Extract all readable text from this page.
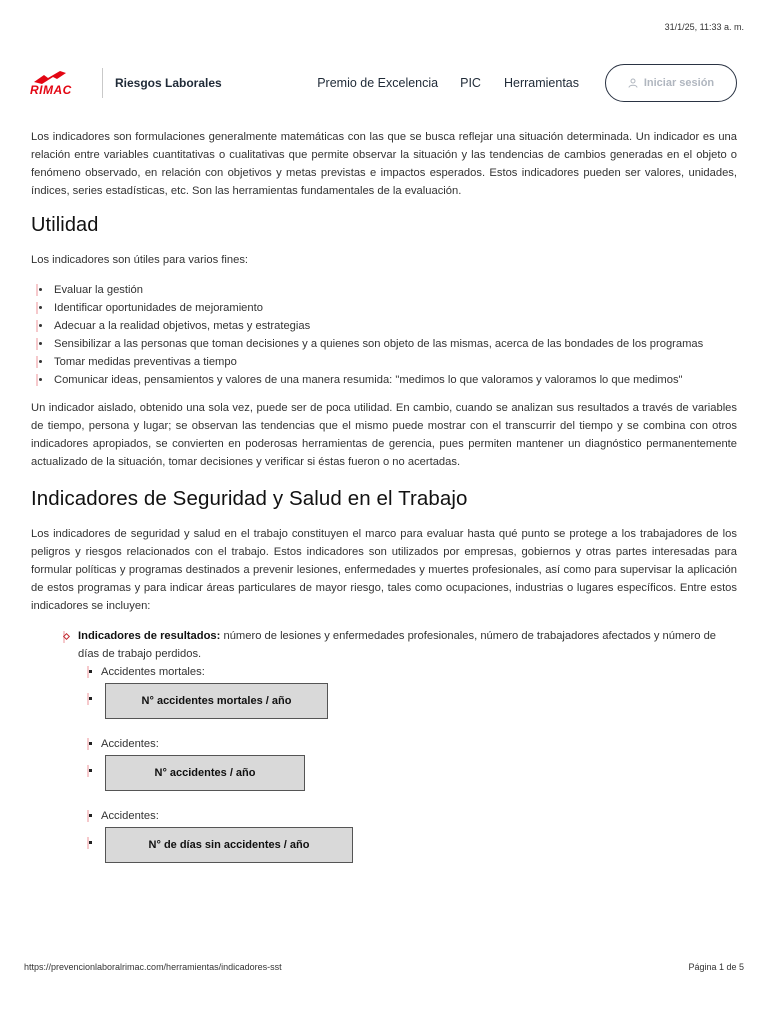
31/1/25, 11:33 a. m.
RIMAC	Riesgos Laborales	Premio de Excelencia PIC Herramientas	Iniciar sesión

Los indicadores son formulaciones generalmente matemáticas con las que se busca reflejar una situación determinada. Un indicador es una relación entre variables cuantitativas o cualitativas que permite observar la situación y las tendencias de cambios generadas en el objeto o fenómeno observado, en relación con objetivos y metas previstas e impactos esperados. Estos indicadores pueden ser valores, unidades, índices, series estadísticas, etc. Son las herramientas fundamentales de la evaluación.

Utilidad

Los indicadores son útiles para varios fines:

Evaluar la gestión
Identificar oportunidades de mejoramiento
Adecuar a la realidad objetivos, metas y estrategias
Sensibilizar a las personas que toman decisiones y a quienes son objeto de las mismas, acerca de las bondades de los programas
Tomar medidas preventivas a tiempo
Comunicar ideas, pensamientos y valores de una manera resumida: "medimos lo que valoramos y valoramos lo que medimos"

Un indicador aislado, obtenido una sola vez, puede ser de poca utilidad. En cambio, cuando se analizan sus resultados a través de variables de tiempo, persona y lugar; se observan las tendencias que el mismo puede mostrar con el transcurrir del tiempo y se combina con otros indicadores apropiados, se convierten en poderosas herramientas de gerencia, pues permiten mantener un diagnóstico permanentemente actualizado de la situación, tomar decisiones y verificar si éstas fueron o no acertadas.

Indicadores de Seguridad y Salud en el Trabajo

Los indicadores de seguridad y salud en el trabajo constituyen el marco para evaluar hasta qué punto se protege a los trabajadores de los peligros y riesgos relacionados con el trabajo. Estos indicadores son utilizados por empresas, gobiernos y otras partes interesadas para formular políticas y programas destinados a prevenir lesiones, enfermedades y muertes profesionales, así como para supervisar la aplicación de estos programas y para indicar áreas particulares de mayor riesgo, tales como ocupaciones, industrias o lugares específicos. Entre estos indicadores se incluyen:

Indicadores de resultados: número de lesiones y enfermedades profesionales, número de trabajadores afectados y número de días de trabajo perdidos.
Accidentes mortales:
N° accidentes mortales / año
Accidentes:
N° accidentes / año
Accidentes:
N° de días sin accidentes / año
https://prevencionlaboralrimac.com/herramientas/indicadores-sst	Página 1 de 5
